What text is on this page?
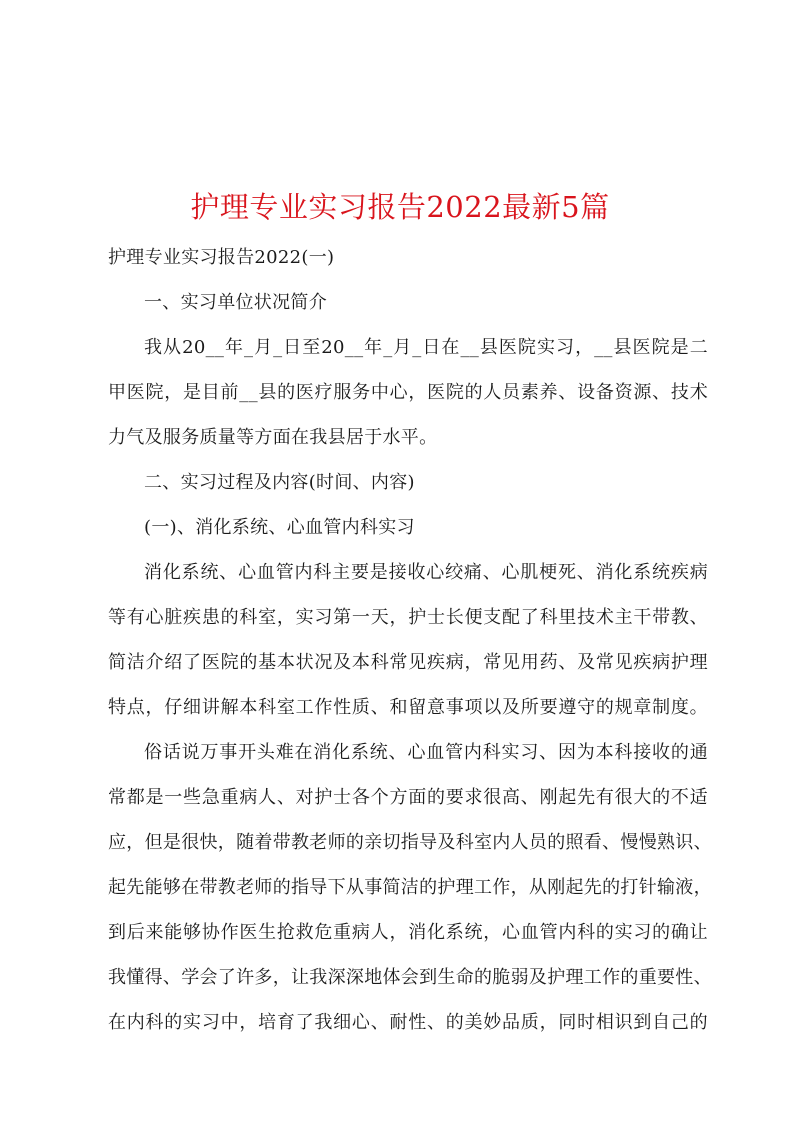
护理专业实习报告2022最新5篇
护理专业实习报告2022(一)
一、实习单位状况简介
我从20__年_月_日至20__年_月_日在__县医院实习，__县医院是二
甲医院，是目前__县的医疗服务中心，医院的人员素养、设备资源、技术
力气及服务质量等方面在我县居于水平。
二、实习过程及内容(时间、内容)
(一)、消化系统、心血管内科实习
消化系统、心血管内科主要是接收心绞痛、心肌梗死、消化系统疾病
等有心脏疾患的科室，实习第一天，护士长便支配了科里技术主干带教、
简洁介绍了医院的基本状况及本科常见疾病，常见用药、及常见疾病护理
特点，仔细讲解本科室工作性质、和留意事项以及所要遵守的规章制度。
俗话说万事开头难在消化系统、心血管内科实习、因为本科接收的通
常都是一些急重病人、对护士各个方面的要求很高、刚起先有很大的不适
应，但是很快，随着带教老师的亲切指导及科室内人员的照看、慢慢熟识、
起先能够在带教老师的指导下从事简洁的护理工作，从刚起先的打针输液，
到后来能够协作医生抢救危重病人，消化系统，心血管内科的实习的确让
我懂得、学会了许多，让我深深地体会到生命的脆弱及护理工作的重要性、
在内科的实习中，培育了我细心、耐性、的美妙品质，同时相识到自己的
